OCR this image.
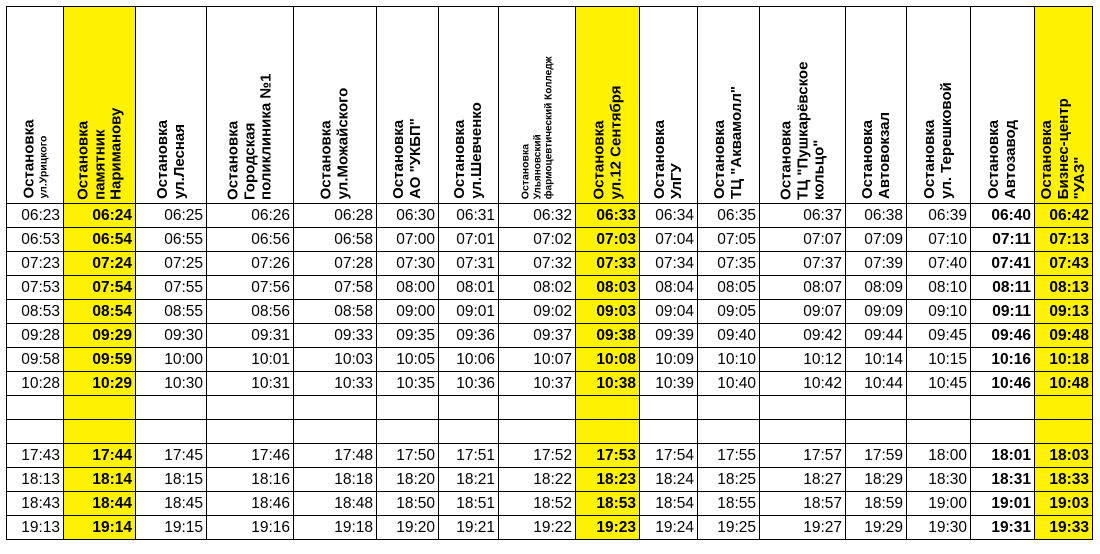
Остановка ул.Урицкого	Остановка памятник Нариманову	Остановка ул.Лесная	Остановка Городская поликлиника №1	Остановка ул.Можайского	Остановка АО "УКБП"	Остановка ул.Шевченко	Остановка Ульяновский фармоцевтический Колледж	Остановка ул.12 Сентября	Остановка УлГУ	Остановка ТЦ "Аквамолл"	Остановка ТЦ "Пушкарёвское кольцо"	Остановка Автовокзал	Остановка ул. Терешковой	Остановка Автозавод	Остановка Бизнес-центр "УАЗ"

06:23	06:24	06:25	06:26	06:28	06:30	06:31	06:32	06:33	06:34	06:35	06:37	06:38	06:39	06:40	06:42
06:53	06:54	06:55	06:56	06:58	07:00	07:01	07:02	07:03	07:04	07:05	07:07	07:09	07:10	07:11	07:13
07:23	07:24	07:25	07:26	07:28	07:30	07:31	07:32	07:33	07:34	07:35	07:37	07:39	07:40	07:41	07:43
07:53	07:54	07:55	07:56	07:58	08:00	08:01	08:02	08:03	08:04	08:05	08:07	08:09	08:10	08:11	08:13
08:53	08:54	08:55	08:56	08:58	09:00	09:01	09:02	09:03	09:04	09:05	09:07	09:09	09:10	09:11	09:13
09:28	09:29	09:30	09:31	09:33	09:35	09:36	09:37	09:38	09:39	09:40	09:42	09:44	09:45	09:46	09:48
09:58	09:59	10:00	10:01	10:03	10:05	10:06	10:07	10:08	10:09	10:10	10:12	10:14	10:15	10:16	10:18
10:28	10:29	10:30	10:31	10:33	10:35	10:36	10:37	10:38	10:39	10:40	10:42	10:44	10:45	10:46	10:48

17:43	17:44	17:45	17:46	17:48	17:50	17:51	17:52	17:53	17:54	17:55	17:57	17:59	18:00	18:01	18:03
18:13	18:14	18:15	18:16	18:18	18:20	18:21	18:22	18:23	18:24	18:25	18:27	18:29	18:30	18:31	18:33
18:43	18:44	18:45	18:46	18:48	18:50	18:51	18:52	18:53	18:54	18:55	18:57	18:59	19:00	19:01	19:03
19:13	19:14	19:15	19:16	19:18	19:20	19:21	19:22	19:23	19:24	19:25	19:27	19:29	19:30	19:31	19:33
